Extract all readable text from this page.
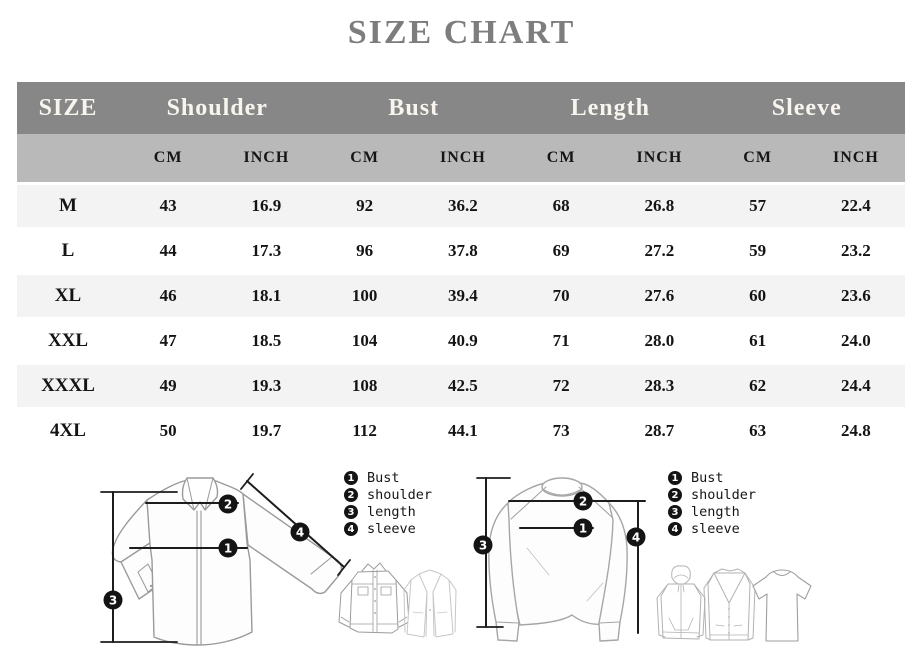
SIZE CHART
SIZE	Shoulder		Bust		Length		Sleeve	
	CM	INCH	CM	INCH	CM	INCH	CM	INCH
M	43	16.9	92	36.2	68	26.8	57	22.4
L	44	17.3	96	37.8	69	27.2	59	23.2
XL	46	18.1	100	39.4	70	27.6	60	23.6
XXL	47	18.5	104	40.9	71	28.0	61	24.0
XXXL	49	19.3	108	42.5	72	28.3	62	24.4
4XL	50	19.7	112	44.1	73	28.7	63	24.8
3
2
1
4
3
2
1
4
1 Bust
2 shoulder
3 length
4 sleeve
1 Bust
2 shoulder
3 length
4 sleeve
